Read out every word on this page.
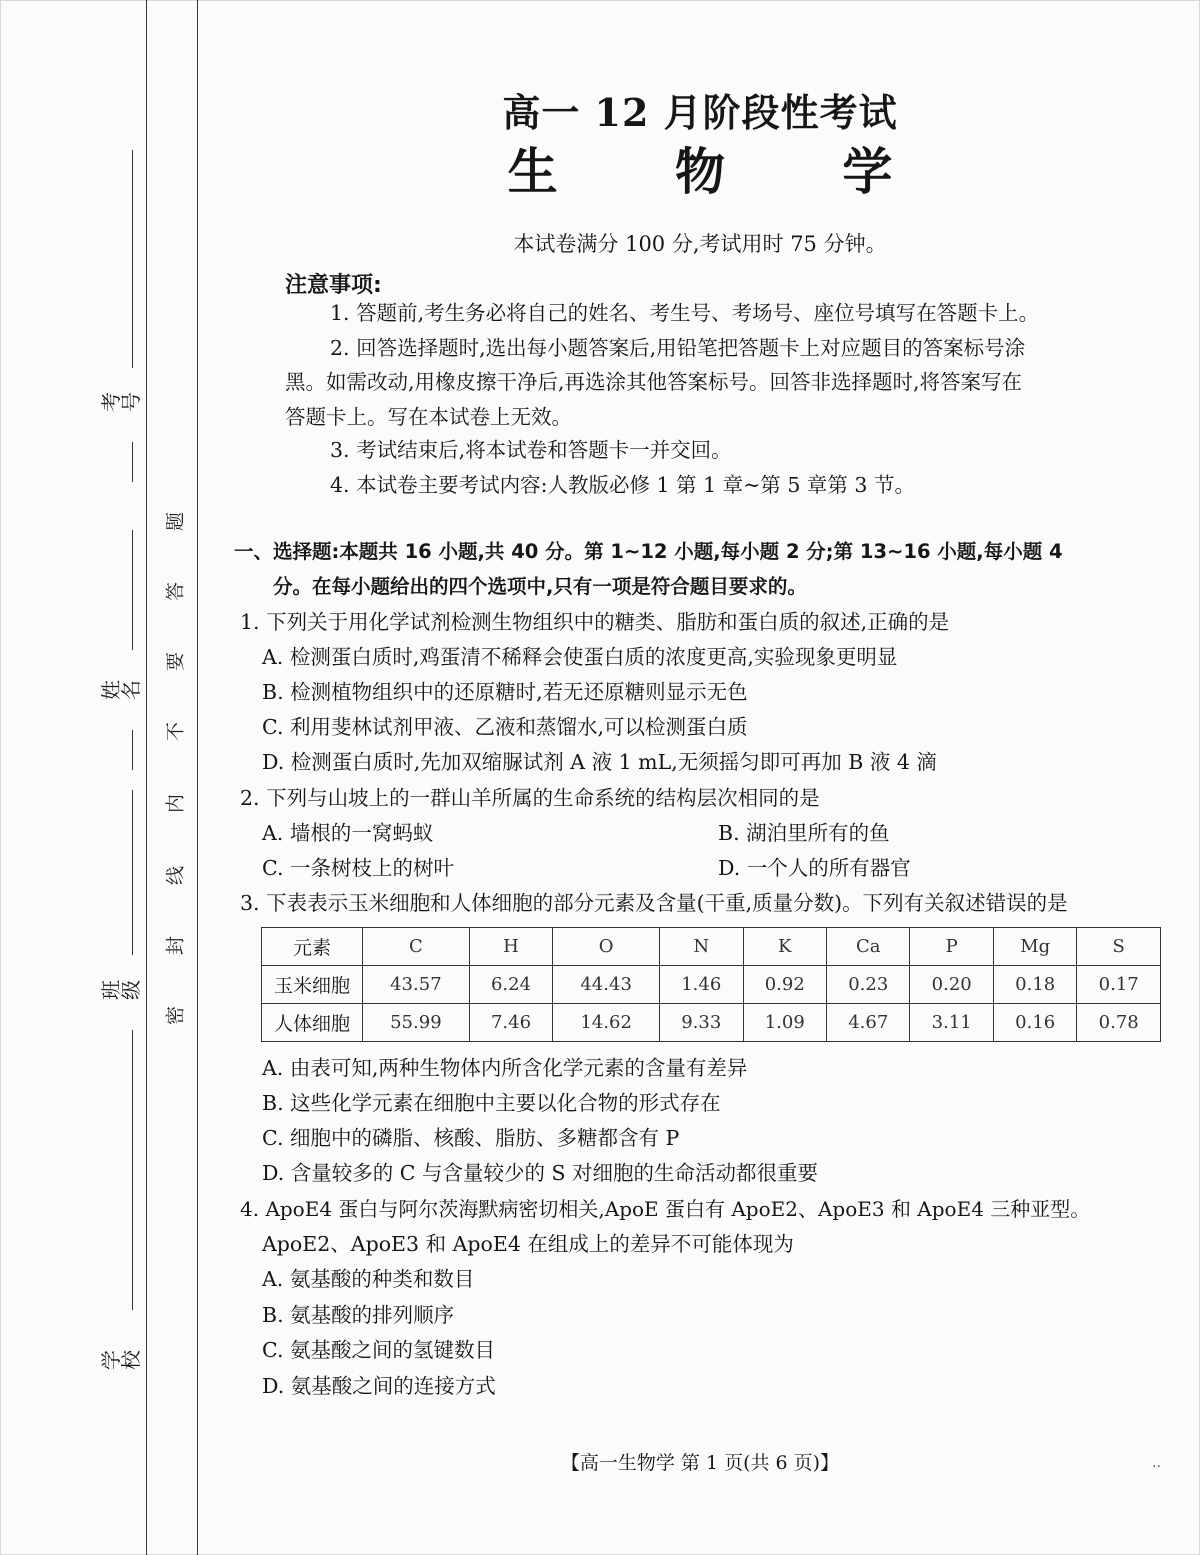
考号
姓名
班级
学校
题
答
要
不
内
线
封
密
高一 12 月阶段性考试
生 物 学
本试卷满分 100 分,考试用时 75 分钟。
注意事项:
1. 答题前,考生务必将自己的姓名、考生号、考场号、座位号填写在答题卡上。
2. 回答选择题时,选出每小题答案后,用铅笔把答题卡上对应题目的答案标号涂
黑。如需改动,用橡皮擦干净后,再选涂其他答案标号。回答非选择题时,将答案写在
答题卡上。写在本试卷上无效。
3. 考试结束后,将本试卷和答题卡一并交回。
4. 本试卷主要考试内容:人教版必修 1 第 1 章~第 5 章第 3 节。
一、选择题:本题共 16 小题,共 40 分。第 1~12 小题,每小题 2 分;第 13~16 小题,每小题 4
分。在每小题给出的四个选项中,只有一项是符合题目要求的。
1. 下列关于用化学试剂检测生物组织中的糖类、脂肪和蛋白质的叙述,正确的是
A. 检测蛋白质时,鸡蛋清不稀释会使蛋白质的浓度更高,实验现象更明显
B. 检测植物组织中的还原糖时,若无还原糖则显示无色
C. 利用斐林试剂甲液、乙液和蒸馏水,可以检测蛋白质
D. 检测蛋白质时,先加双缩脲试剂 A 液 1 mL,无须摇匀即可再加 B 液 4 滴
2. 下列与山坡上的一群山羊所属的生命系统的结构层次相同的是
A. 墙根的一窝蚂蚁	B. 湖泊里所有的鱼
C. 一条树枝上的树叶	D. 一个人的所有器官
3. 下表表示玉米细胞和人体细胞的部分元素及含量(干重,质量分数)。下列有关叙述错误的是
元素	C	H	O	N	K	Ca	P	Mg	S
玉米细胞	43.57	6.24	44.43	1.46	0.92	0.23	0.20	0.18	0.17
人体细胞	55.99	7.46	14.62	9.33	1.09	4.67	3.11	0.16	0.78
A. 由表可知,两种生物体内所含化学元素的含量有差异
B. 这些化学元素在细胞中主要以化合物的形式存在
C. 细胞中的磷脂、核酸、脂肪、多糖都含有 P
D. 含量较多的 C 与含量较少的 S 对细胞的生命活动都很重要
4. ApoE4 蛋白与阿尔茨海默病密切相关,ApoE 蛋白有 ApoE2、ApoE3 和 ApoE4 三种亚型。
ApoE2、ApoE3 和 ApoE4 在组成上的差异不可能体现为
A. 氨基酸的种类和数目
B. 氨基酸的排列顺序
C. 氨基酸之间的氢键数目
D. 氨基酸之间的连接方式
【高一生物学 第 1 页(共 6 页)】	..
